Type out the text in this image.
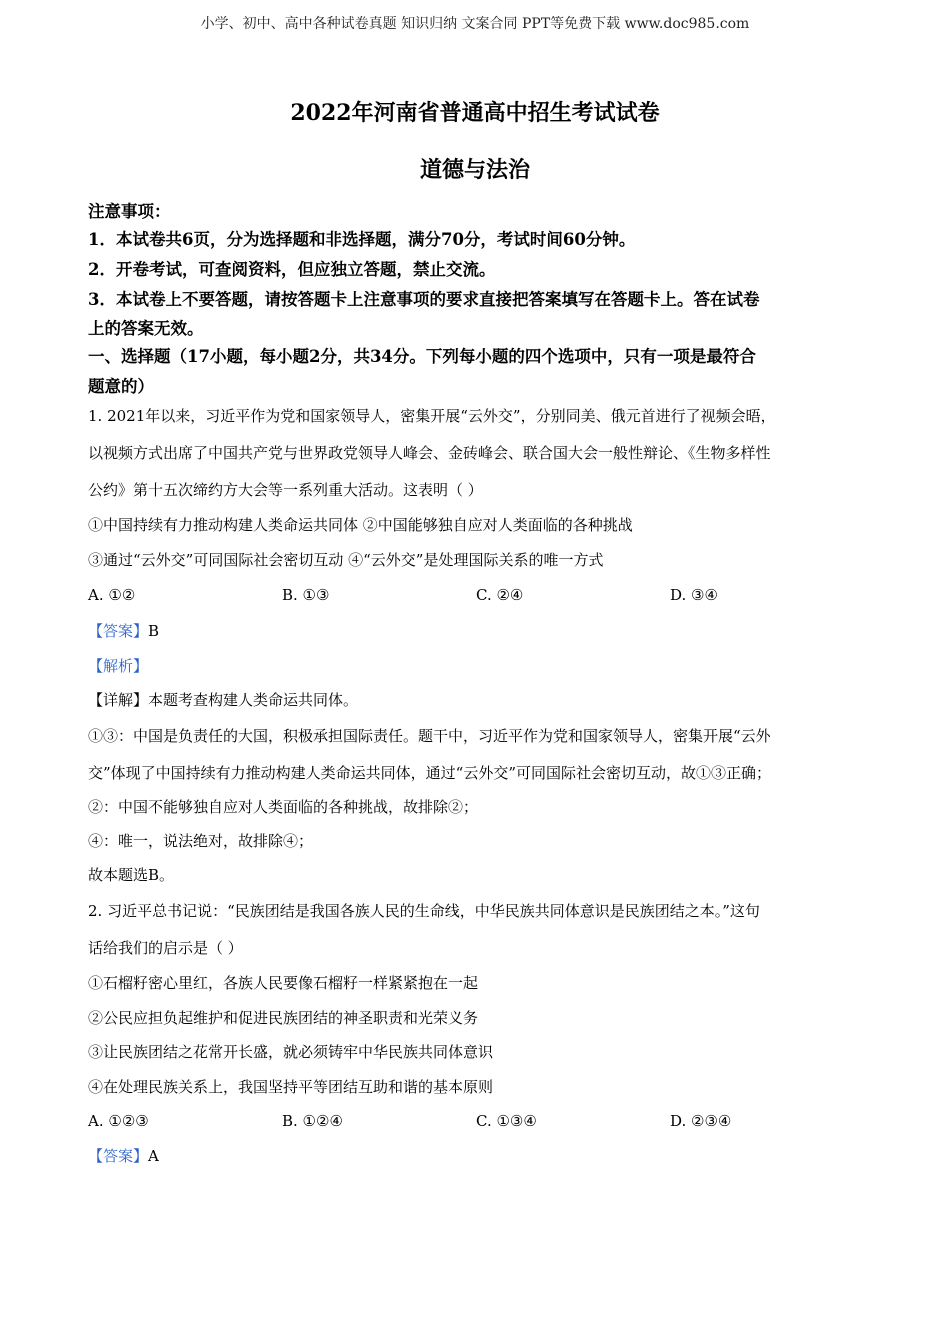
小学、初中、高中各种试卷真题 知识归纳 文案合同 PPT等免费下载 www.doc985.com
2022年河南省普通高中招生考试试卷
道德与法治
注意事项：
1．本试卷共6页，分为选择题和非选择题，满分70分，考试时间60分钟。
2．开卷考试，可查阅资料，但应独立答题，禁止交流。
3．本试卷上不要答题，请按答题卡上注意事项的要求直接把答案填写在答题卡上。答在试卷
上的答案无效。
一、选择题（17小题，每小题2分，共34分。下列每小题的四个选项中，只有一项是最符合
题意的）
1. 2021年以来，习近平作为党和国家领导人，密集开展“云外交”，分别同美、俄元首进行了视频会晤，
以视频方式出席了中国共产党与世界政党领导人峰会、金砖峰会、联合国大会一般性辩论、《生物多样性
公约》第十五次缔约方大会等一系列重大活动。这表明（ ）
①中国持续有力推动构建人类命运共同体 ②中国能够独自应对人类面临的各种挑战
③通过“云外交”可同国际社会密切互动 ④“云外交”是处理国际关系的唯一方式
A. ①②	B. ①③	C. ②④	D. ③④
【答案】B
【解析】
【详解】本题考查构建人类命运共同体。
①③：中国是负责任的大国，积极承担国际责任。题干中，习近平作为党和国家领导人，密集开展“云外
交”体现了中国持续有力推动构建人类命运共同体，通过“云外交”可同国际社会密切互动，故①③正确；
②：中国不能够独自应对人类面临的各种挑战，故排除②；
④：唯一，说法绝对，故排除④；
故本题选B。
2. 习近平总书记说：“民族团结是我国各族人民的生命线，中华民族共同体意识是民族团结之本。”这句
话给我们的启示是（ ）
①石榴籽密心里红，各族人民要像石榴籽一样紧紧抱在一起
②公民应担负起维护和促进民族团结的神圣职责和光荣义务
③让民族团结之花常开长盛，就必须铸牢中华民族共同体意识
④在处理民族关系上，我国坚持平等团结互助和谐的基本原则
A. ①②③	B. ①②④	C. ①③④	D. ②③④
【答案】A
